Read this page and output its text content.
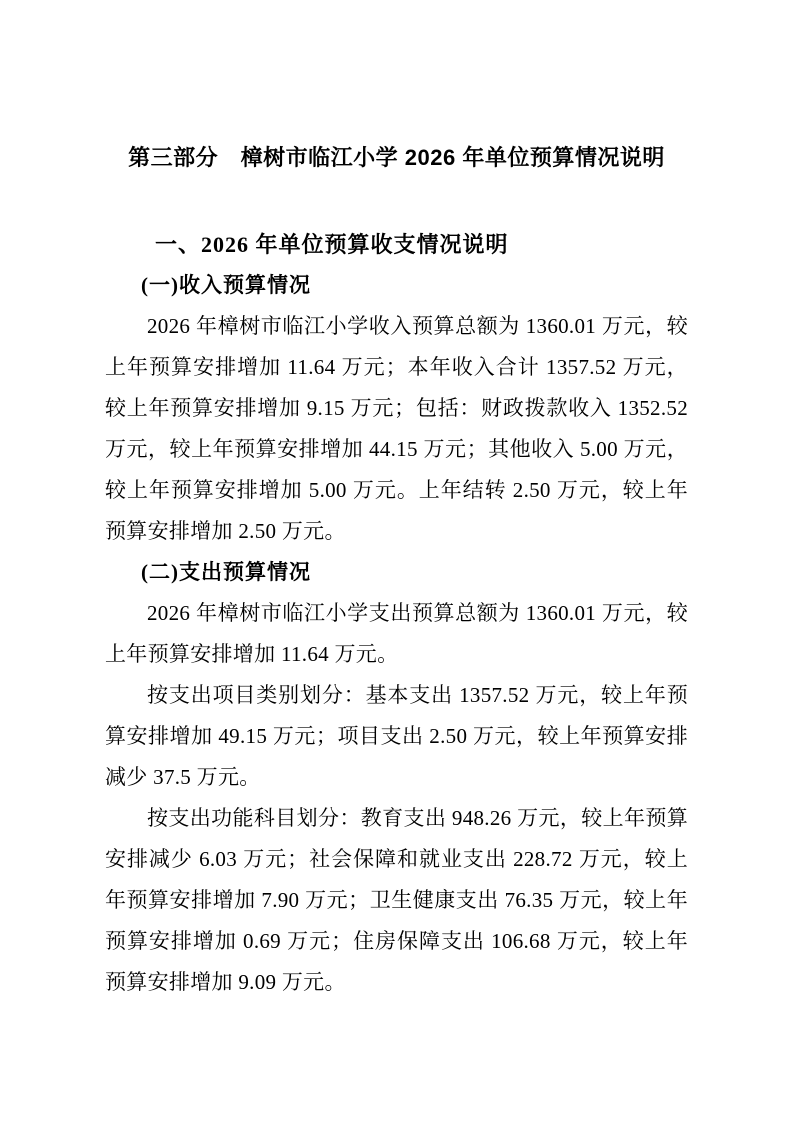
第三部分　樟树市临江小学 2026 年单位预算情况说明
一、2026 年单位预算收支情况说明
(一)收入预算情况

2026 年樟树市临江小学收入预算总额为 1360.01 万元，较上年预算安排增加 11.64 万元；本年收入合计 1357.52 万元，较上年预算安排增加 9.15 万元；包括：财政拨款收入 1352.52 万元，较上年预算安排增加 44.15 万元；其他收入 5.00 万元，较上年预算安排增加 5.00 万元。上年结转 2.50 万元，较上年预算安排增加 2.50 万元。

(二)支出预算情况

2026 年樟树市临江小学支出预算总额为 1360.01 万元，较上年预算安排增加 11.64 万元。

按支出项目类别划分：基本支出 1357.52 万元，较上年预算安排增加 49.15 万元；项目支出 2.50 万元，较上年预算安排减少 37.5 万元。

按支出功能科目划分：教育支出 948.26 万元，较上年预算安排减少 6.03 万元；社会保障和就业支出 228.72 万元，较上年预算安排增加 7.90 万元；卫生健康支出 76.35 万元，较上年预算安排增加 0.69 万元；住房保障支出 106.68 万元，较上年预算安排增加 9.09 万元。
